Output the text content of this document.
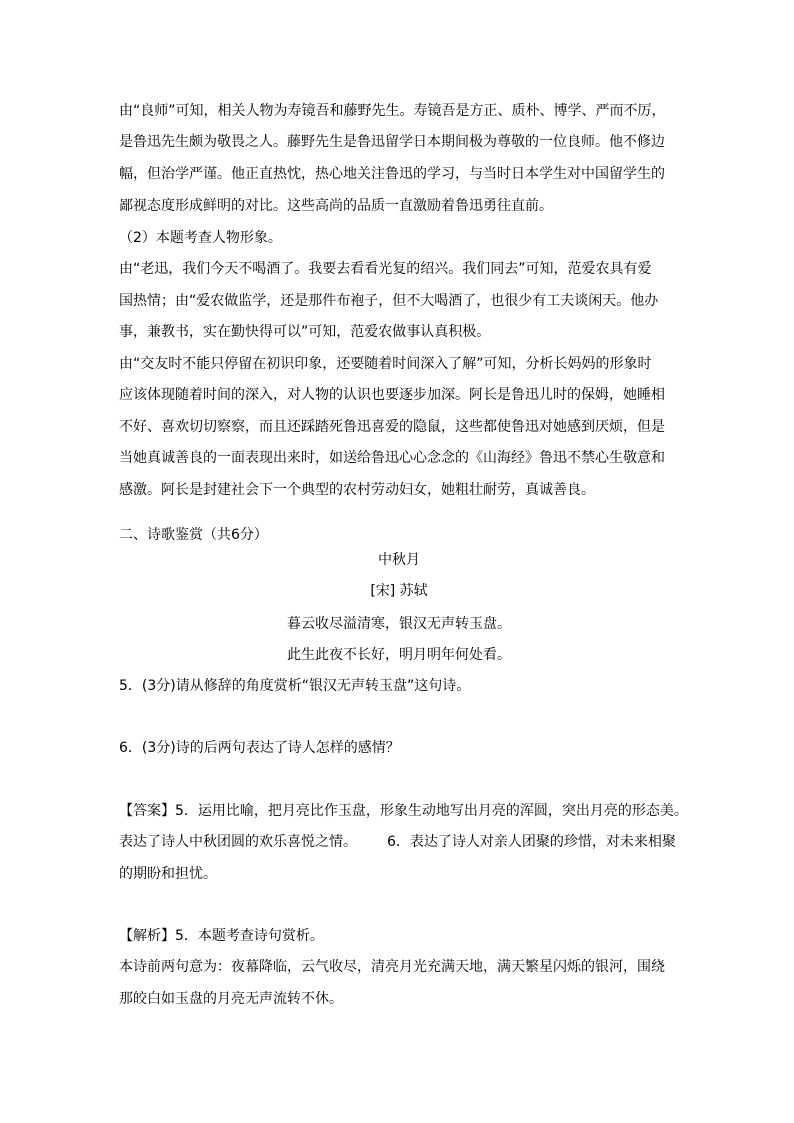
由“良师”可知，相关人物为寿镜吾和藤野先生。寿镜吾是方正、质朴、博学、严而不厉，
是鲁迅先生颇为敬畏之人。藤野先生是鲁迅留学日本期间极为尊敬的一位良师。他不修边
幅，但治学严谨。他正直热忱，热心地关注鲁迅的学习，与当时日本学生对中国留学生的
鄙视态度形成鲜明的对比。这些高尚的品质一直激励着鲁迅勇往直前。
（2）本题考查人物形象。
由“老迅，我们今天不喝酒了。我要去看看光复的绍兴。我们同去”可知，范爱农具有爱
国热情；由“爱农做监学，还是那件布袍子，但不大喝酒了，也很少有工夫谈闲天。他办
事，兼教书，实在勤快得可以”可知，范爱农做事认真积极。
由“交友时不能只停留在初识印象，还要随着时间深入了解”可知，分析长妈妈的形象时
应该体现随着时间的深入，对人物的认识也要逐步加深。阿长是鲁迅儿时的保姆，她睡相
不好、喜欢切切察察，而且还踩踏死鲁迅喜爱的隐鼠，这些都使鲁迅对她感到厌烦，但是
当她真诚善良的一面表现出来时，如送给鲁迅心心念念的《山海经》鲁迅不禁心生敬意和
感激。阿长是封建社会下一个典型的农村劳动妇女，她粗壮耐劳，真诚善良。
二、诗歌鉴赏（共6分）
中秋月
[宋] 苏轼
暮云收尽溢清寒，银汉无声转玉盘。
此生此夜不长好，明月明年何处看。
5．(3分)请从修辞的角度赏析“银汉无声转玉盘”这句诗。
6．(3分)诗的后两句表达了诗人怎样的感情？
【答案】5．运用比喻，把月亮比作玉盘，形象生动地写出月亮的浑圆，突出月亮的形态美。
表达了诗人中秋团圆的欢乐喜悦之情。 6．表达了诗人对亲人团聚的珍惜，对未来相聚
的期盼和担忧。
【解析】5．本题考查诗句赏析。
本诗前两句意为：夜幕降临，云气收尽，清亮月光充满天地，满天繁星闪烁的银河，围绕
那皎白如玉盘的月亮无声流转不休。
